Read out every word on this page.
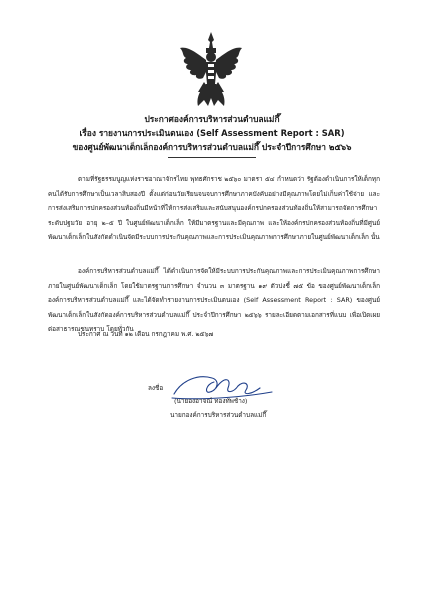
ประกาศองค์การบริหารส่วนตำบลแม่กึ๊
เรื่อง รายงานการประเมินตนเอง (Self Assessment Report : SAR)
ของศูนย์พัฒนาเด็กเล็กองค์การบริหารส่วนตำบลแม่กึ๊ ประจำปีการศึกษา ๒๕๖๖
ตามที่รัฐธรรมนูญแห่งราชอาณาจักรไทย พุทธศักราช ๒๕๖๐ มาตรา ๕๔ กำหนดว่า รัฐต้องดำเนินการให้เด็กทุกคนได้รับการศึกษาเป็นเวลาสิบสองปี ตั้งแต่ก่อนวัยเรียนจนจบการศึกษาภาคบังคับอย่างมีคุณภาพโดยไม่เก็บค่าใช้จ่าย และการส่งเสริมการปกครองส่วนท้องถิ่นมีหน้าที่ให้การส่งเสริมและสนับสนุนองค์กรปกครองส่วนท้องถิ่นให้สามารถจัดการศึกษาระดับปฐมวัย อายุ ๒–๕ ปี ในศูนย์พัฒนาเด็กเล็ก ให้มีมาตรฐานและมีคุณภาพ และให้องค์กรปกครองส่วนท้องถิ่นที่มีศูนย์พัฒนาเด็กเล็กในสังกัดดำเนินจัดมีระบบการประกันคุณภาพและการประเมินคุณภาพการศึกษาภายในศูนย์พัฒนาเด็กเล็ก นั้น
องค์การบริหารส่วนตำบลแม่กึ๊ ได้ดำเนินการจัดให้มีระบบการประกันคุณภาพและการประเมินคุณภาพการศึกษาภายในศูนย์พัฒนาเด็กเล็ก โดยใช้มาตรฐานการศึกษา จำนวน ๓ มาตรฐาน ๑๙ ตัวบ่งชี้ ๗๕ ข้อ ของศูนย์พัฒนาเด็กเล็กองค์การบริหารส่วนตำบลแม่กึ๊ และได้จัดทำรายงานการประเมินตนเอง (Self Assessment Report : SAR) ของศูนย์พัฒนาเด็กเล็กในสังกัดองค์การบริหารส่วนตำบลแม่กึ๊ ประจำปีการศึกษา ๒๕๖๖ รายละเอียดตามเอกสารที่แนบ เพื่อเปิดเผยต่อสาธารณชนทราบ โดยทั่วกัน
ประกาศ ณ วันที่ ๑๒ เดือน กรกฎาคม พ.ศ. ๒๕๖๗
ลงชื่อ
(นายองอาจณ์ ทองทัพช้าง)
นายกองค์การบริหารส่วนตำบลแม่กึ๊
